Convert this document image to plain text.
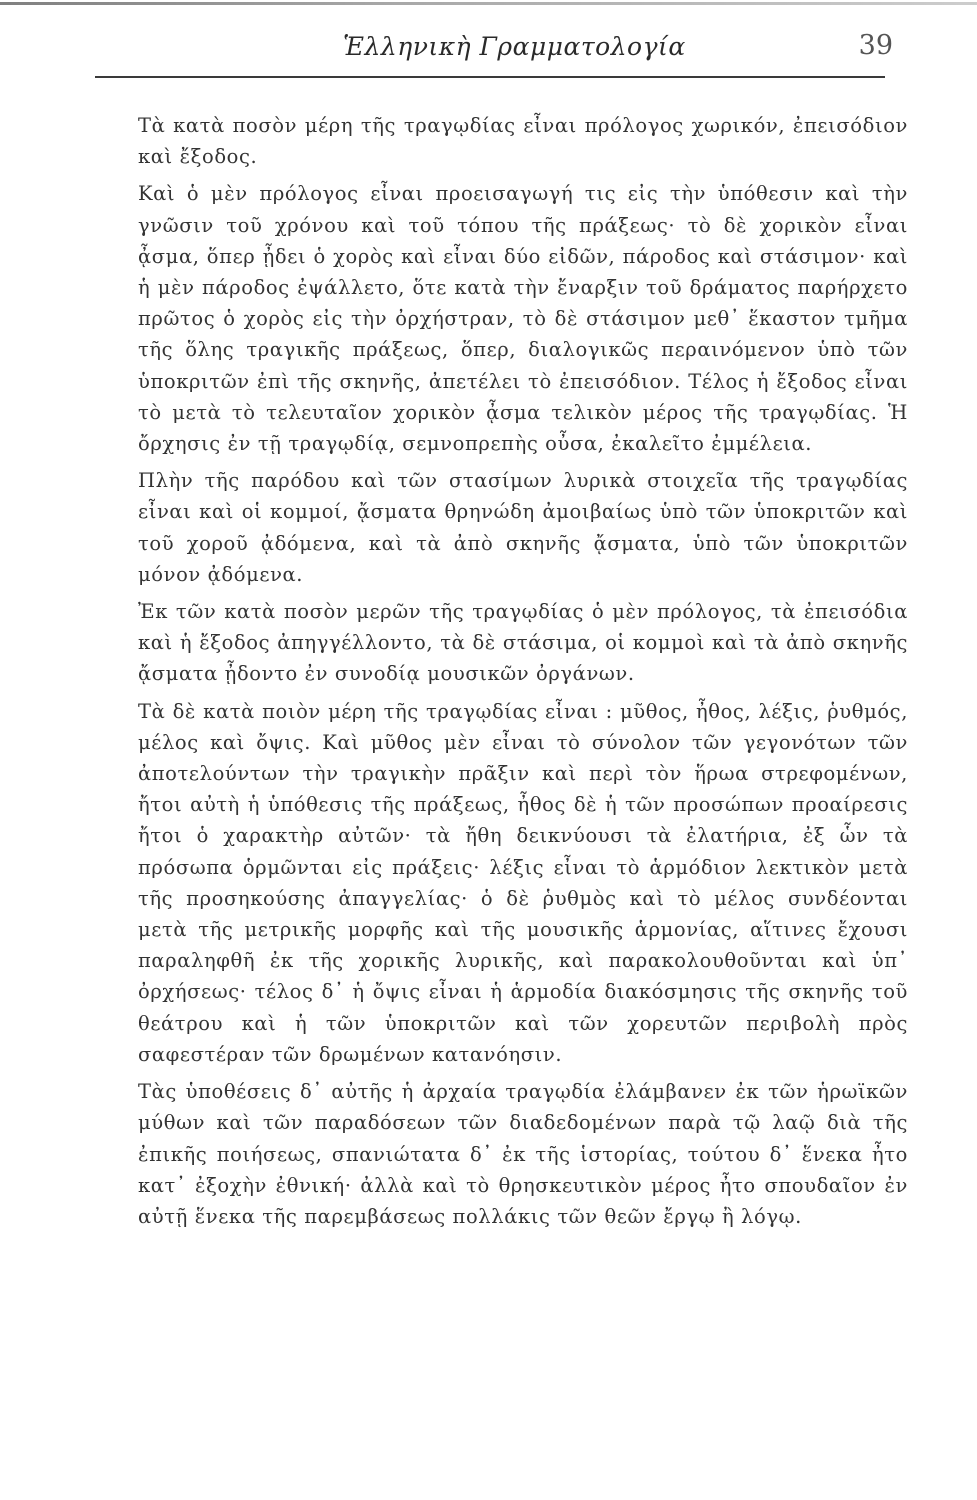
Ἑλληνικὴ Γραμματολογία	39

Τὰ κατὰ ποσὸν μέρη τῆς τραγῳδίας εἶναι πρόλογος χωρικόν, ἐπεισόδιον καὶ ἔξοδος.

Καὶ ὁ μὲν πρόλογος εἶναι προεισαγωγή τις εἰς τὴν ὑπόθεσιν καὶ τὴν γνῶσιν τοῦ χρόνου καὶ τοῦ τόπου τῆς πράξεως· τὸ δὲ χορικὸν εἶναι ᾆσμα, ὅπερ ᾖδει ὁ χορὸς καὶ εἶναι δύο εἰδῶν, πάροδος καὶ στάσιμον· καὶ ἡ μὲν πάροδος ἐψάλλετο, ὅτε κατὰ τὴν ἔναρξιν τοῦ δράματος παρήρχετο πρῶτος ὁ χορὸς εἰς τὴν ὀρχήστραν, τὸ δὲ στάσιμον μεθ᾿ ἕκαστον τμῆμα τῆς ὅλης τραγικῆς πράξεως, ὅπερ, διαλογικῶς περαινόμενον ὑπὸ τῶν ὑποκριτῶν ἐπὶ τῆς σκηνῆς, ἀπετέλει τὸ ἐπεισόδιον. Τέλος ἡ ἔξοδος εἶναι τὸ μετὰ τὸ τελευταῖον χορικὸν ᾆσμα τελικὸν μέρος τῆς τραγῳδίας. Ἡ ὄρχησις ἐν τῇ τραγῳδίᾳ, σεμνοπρεπὴς οὖσα, ἐκαλεῖτο ἐμμέλεια.

Πλὴν τῆς παρόδου καὶ τῶν στασίμων λυρικὰ στοιχεῖα τῆς τραγῳδίας εἶναι καὶ οἱ κομμοί, ᾄσματα θρηνώδη ἀμοιβαίως ὑπὸ τῶν ὑποκριτῶν καὶ τοῦ χοροῦ ᾀδόμενα, καὶ τὰ ἀπὸ σκηνῆς ᾄσματα, ὑπὸ τῶν ὑποκριτῶν μόνον ᾀδόμενα.

Ἐκ τῶν κατὰ ποσὸν μερῶν τῆς τραγῳδίας ὁ μὲν πρόλογος, τὰ ἐπεισόδια καὶ ἡ ἔξοδος ἀπηγγέλλοντο, τὰ δὲ στάσιμα, οἱ κομμοὶ καὶ τὰ ἀπὸ σκηνῆς ᾄσματα ᾖδοντο ἐν συνοδίᾳ μουσικῶν ὀργάνων.

Τὰ δὲ κατὰ ποιὸν μέρη τῆς τραγῳδίας εἶναι : μῦθος, ἦθος, λέξις, ῥυθμός, μέλος καὶ ὄψις. Καὶ μῦθος μὲν εἶναι τὸ σύνολον τῶν γεγονότων τῶν ἀποτελούντων τὴν τραγικὴν πρᾶξιν καὶ περὶ τὸν ἥρωα στρεφομένων, ἤτοι αὐτὴ ἡ ὑπόθεσις τῆς πράξεως, ἦθος δὲ ἡ τῶν προσώπων προαίρεσις ἤτοι ὁ χαρακτὴρ αὐτῶν· τὰ ἤθη δεικνύουσι τὰ ἐλατήρια, ἐξ ὧν τὰ πρόσωπα ὁρμῶνται εἰς πράξεις· λέξις εἶναι τὸ ἁρμόδιον λεκτικὸν μετὰ τῆς προσηκούσης ἀπαγγελίας· ὁ δὲ ῥυθμὸς καὶ τὸ μέλος συνδέονται μετὰ τῆς μετρικῆς μορφῆς καὶ τῆς μουσικῆς ἁρμονίας, αἵτινες ἔχουσι παραληφθῆ ἐκ τῆς χορικῆς λυρικῆς, καὶ παρακολουθοῦνται καὶ ὑπ᾿ ὀρχήσεως· τέλος δ᾿ ἡ ὄψις εἶναι ἡ ἁρμοδία διακόσμησις τῆς σκηνῆς τοῦ θεάτρου καὶ ἡ τῶν ὑποκριτῶν καὶ τῶν χορευτῶν περιβολὴ πρὸς σαφεστέραν τῶν δρωμένων κατανόησιν.

Τὰς ὑποθέσεις δ᾿ αὐτῆς ἡ ἀρχαία τραγῳδία ἐλάμβανεν ἐκ τῶν ἡρωϊκῶν μύθων καὶ τῶν παραδόσεων τῶν διαδεδομένων παρὰ τῷ λαῷ διὰ τῆς ἐπικῆς ποιήσεως, σπανιώτατα δ᾿ ἐκ τῆς ἱστορίας, τούτου δ᾿ ἕνεκα ἦτο κατ᾿ ἐξοχὴν ἐθνική· ἀλλὰ καὶ τὸ θρησκευτικὸν μέρος ἦτο σπουδαῖον ἐν αὐτῇ ἕνεκα τῆς παρεμβάσεως πολλάκις τῶν θεῶν ἔργῳ ἢ λόγῳ.
